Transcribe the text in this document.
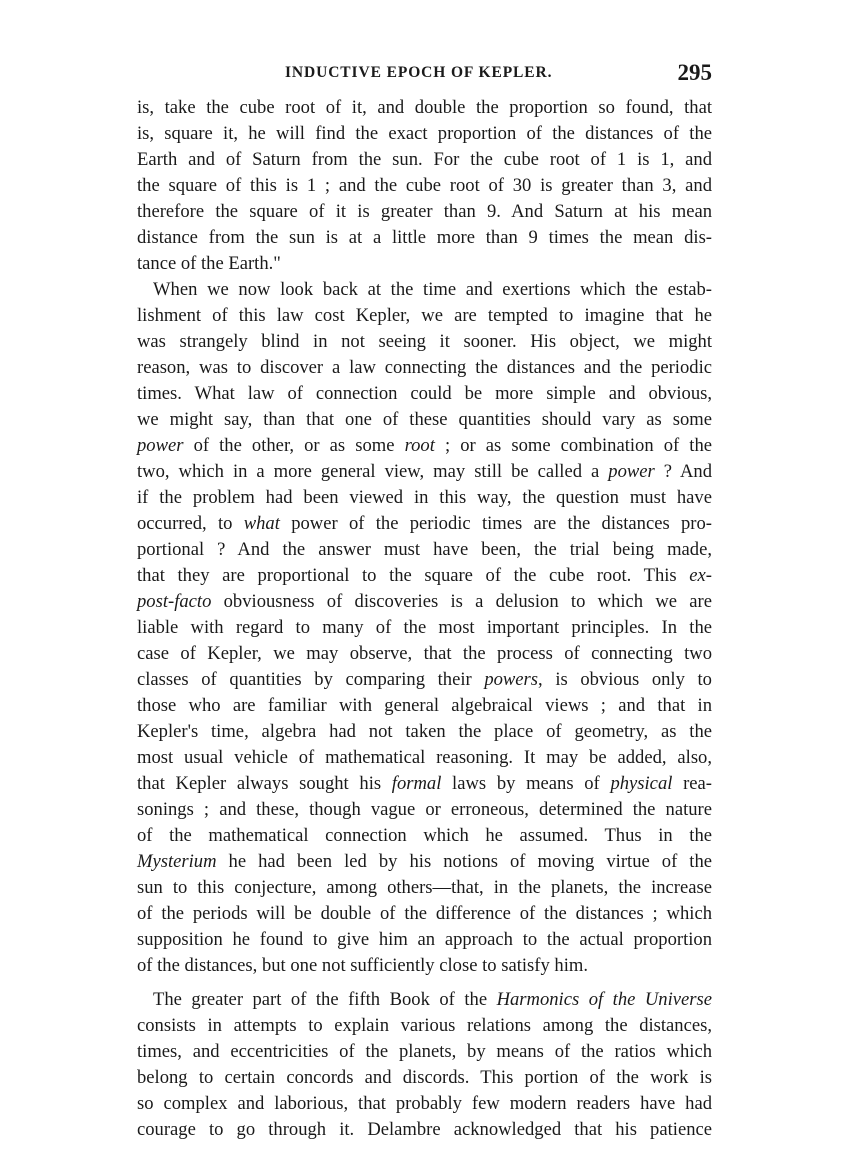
INDUCTIVE EPOCH OF KEPLER.	295
is, take the cube root of it, and double the proportion so found, that
is, square it, he will find the exact proportion of the distances of the
Earth and of Saturn from the sun. For the cube root of 1 is 1, and
the square of this is 1 ; and the cube root of 30 is greater than 3, and
therefore the square of it is greater than 9. And Saturn at his mean
distance from the sun is at a little more than 9 times the mean dis-
tance of the Earth."
When we now look back at the time and exertions which the estab-
lishment of this law cost Kepler, we are tempted to imagine that he
was strangely blind in not seeing it sooner. His object, we might
reason, was to discover a law connecting the distances and the periodic
times. What law of connection could be more simple and obvious,
we might say, than that one of these quantities should vary as some
power of the other, or as some root ; or as some combination of the
two, which in a more general view, may still be called a power ? And
if the problem had been viewed in this way, the question must have
occurred, to what power of the periodic times are the distances pro-
portional ? And the answer must have been, the trial being made,
that they are proportional to the square of the cube root. This ex-
post-facto obviousness of discoveries is a delusion to which we are
liable with regard to many of the most important principles. In the
case of Kepler, we may observe, that the process of connecting two
classes of quantities by comparing their powers, is obvious only to
those who are familiar with general algebraical views ; and that in
Kepler's time, algebra had not taken the place of geometry, as the
most usual vehicle of mathematical reasoning. It may be added, also,
that Kepler always sought his formal laws by means of physical rea-
sonings ; and these, though vague or erroneous, determined the nature
of the mathematical connection which he assumed. Thus in the
Mysterium he had been led by his notions of moving virtue of the
sun to this conjecture, among others—that, in the planets, the increase
of the periods will be double of the difference of the distances ; which
supposition he found to give him an approach to the actual proportion
of the distances, but one not sufficiently close to satisfy him.
The greater part of the fifth Book of the Harmonics of the Universe
consists in attempts to explain various relations among the distances,
times, and eccentricities of the planets, by means of the ratios which
belong to certain concords and discords. This portion of the work is
so complex and laborious, that probably few modern readers have had
courage to go through it. Delambre acknowledged that his patience
